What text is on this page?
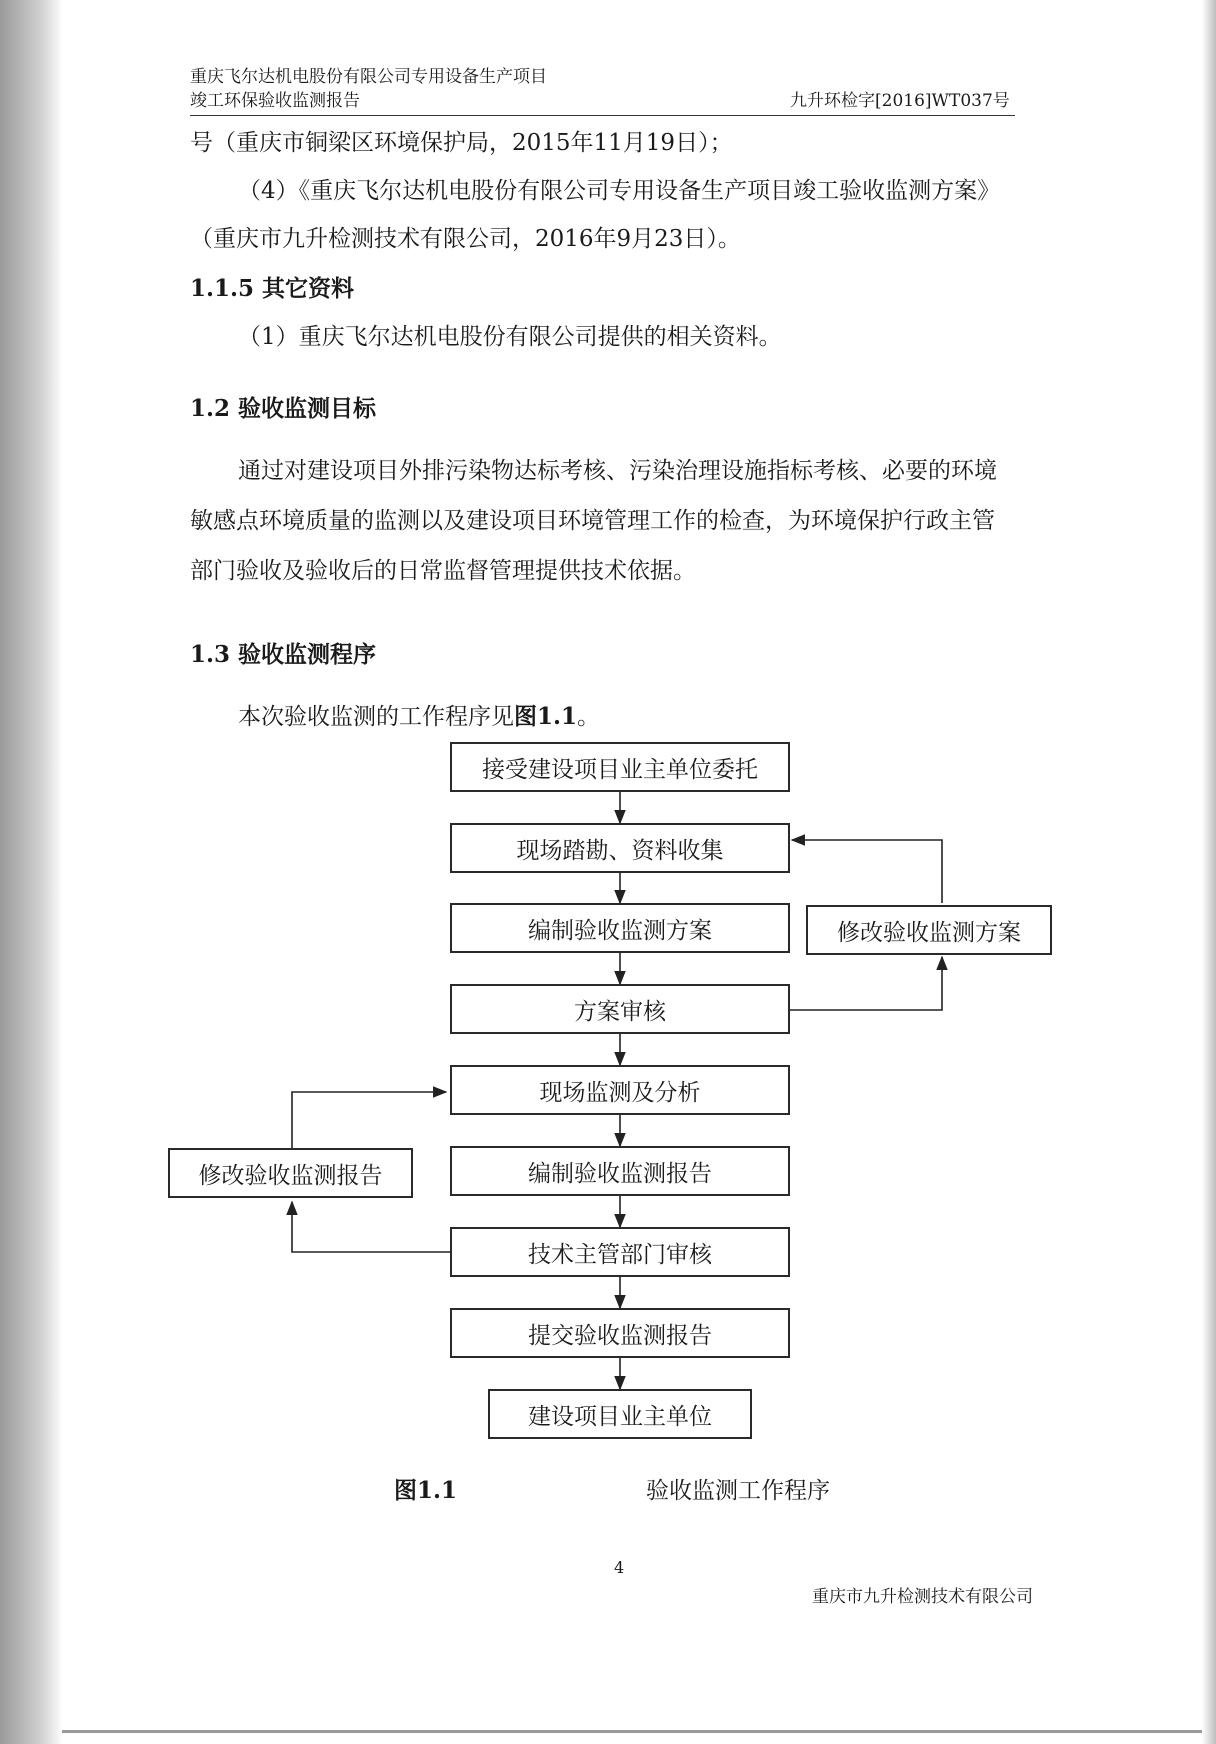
重庆飞尔达机电股份有限公司专用设备生产项目
竣工环保验收监测报告	九升环检字[2016]WT037号
号（重庆市铜梁区环境保护局，2015年11月19日）；
（4）《重庆飞尔达机电股份有限公司专用设备生产项目竣工验收监测方案》
（重庆市九升检测技术有限公司，2016年9月23日）。
1.1.5 其它资料
（1）重庆飞尔达机电股份有限公司提供的相关资料。
1.2 验收监测目标
通过对建设项目外排污染物达标考核、污染治理设施指标考核、必要的环境
敏感点环境质量的监测以及建设项目环境管理工作的检查，为环境保护行政主管
部门验收及验收后的日常监督管理提供技术依据。
1.3 验收监测程序
本次验收监测的工作程序见图1.1。
接受建设项目业主单位委托
现场踏勘、资料收集
编制验收监测方案
方案审核
现场监测及分析
编制验收监测报告
技术主管部门审核
提交验收监测报告
建设项目业主单位
修改验收监测方案
修改验收监测报告
图1.1	验收监测工作程序
4
重庆市九升检测技术有限公司
